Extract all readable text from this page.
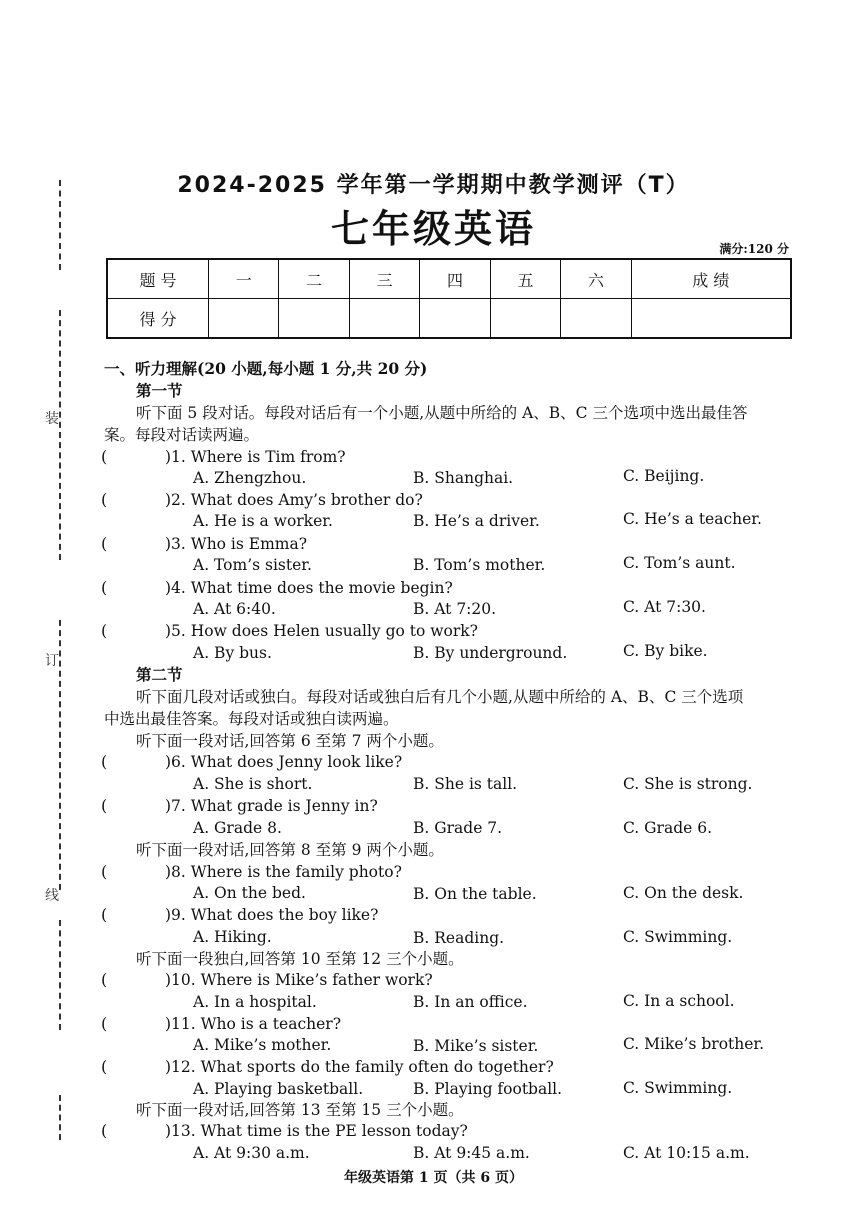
装
订
线
2024-2025 学年第一学期期中教学测评（T）
七年级英语	满分:120 分
题 号	一	二	三	四	五	六	成 绩
得 分							
一、听力理解(20 小题,每小题 1 分,共 20 分)
第一节
听下面 5 段对话。每段对话后有一个小题,从题中所给的 A、B、C 三个选项中选出最佳答
案。每段对话读两遍。
(	)1. Where is Tim from?
A. Zhengzhou.	B. Shanghai.	C. Beijing.
(	)2. What does Amy’s brother do?
A. He is a worker.	B. He’s a driver.	C. He’s a teacher.
(	)3. Who is Emma?
A. Tom’s sister.	B. Tom’s mother.	C. Tom’s aunt.
(	)4. What time does the movie begin?
A. At 6:40.	B. At 7:20.	C. At 7:30.
(	)5. How does Helen usually go to work?
A. By bus.	B. By underground.	C. By bike.
第二节
听下面几段对话或独白。每段对话或独白后有几个小题,从题中所给的 A、B、C 三个选项
中选出最佳答案。每段对话或独白读两遍。
听下面一段对话,回答第 6 至第 7 两个小题。
(	)6. What does Jenny look like?
A. She is short.	B. She is tall.	C. She is strong.
(	)7. What grade is Jenny in?
A. Grade 8.	B. Grade 7.	C. Grade 6.
听下面一段对话,回答第 8 至第 9 两个小题。
(	)8. Where is the family photo?
A. On the bed.	B. On the table.	C. On the desk.
(	)9. What does the boy like?
A. Hiking.	B. Reading.	C. Swimming.
听下面一段独白,回答第 10 至第 12 三个小题。
(	)10. Where is Mike’s father work?
A. In a hospital.	B. In an office.	C. In a school.
(	)11. Who is a teacher?
A. Mike’s mother.	B. Mike’s sister.	C. Mike’s brother.
(	)12. What sports do the family often do together?
A. Playing basketball.	B. Playing football.	C. Swimming.
听下面一段对话,回答第 13 至第 15 三个小题。
(	)13. What time is the PE lesson today?
A. At 9:30 a.m.	B. At 9:45 a.m.	C. At 10:15 a.m.
年级英语第 1 页（共 6 页）
